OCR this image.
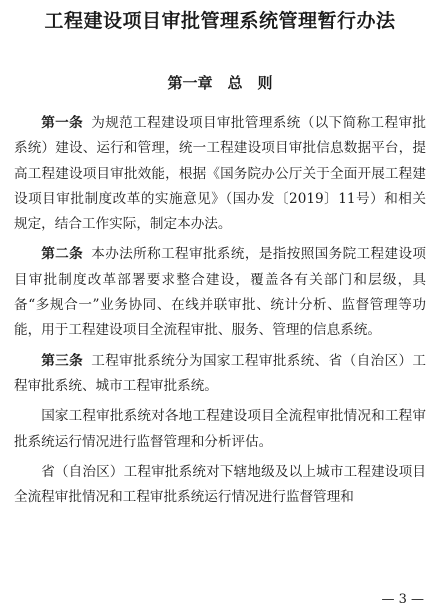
工程建设项目审批管理系统管理暂行办法
第一章　总　则

第一条 为规范工程建设项目审批管理系统（以下简称工程审批系统）建设、运行和管理，统一工程建设项目审批信息数据平台，提高工程建设项目审批效能，根据《国务院办公厅关于全面开展工程建设项目审批制度改革的实施意见》（国办发〔2019〕11号）和相关规定，结合工作实际，制定本办法。

第二条 本办法所称工程审批系统，是指按照国务院工程建设项目审批制度改革部署要求整合建设，覆盖各有关部门和层级，具备“多规合一”业务协同、在线并联审批、统计分析、监督管理等功能，用于工程建设项目全流程审批、服务、管理的信息系统。

第三条 工程审批系统分为国家工程审批系统、省（自治区）工程审批系统、城市工程审批系统。

国家工程审批系统对各地工程建设项目全流程审批情况和工程审批系统运行情况进行监督管理和分析评估。

省（自治区）工程审批系统对下辖地级及以上城市工程建设项目全流程审批情况和工程审批系统运行情况进行监督管理和

— 3 —
